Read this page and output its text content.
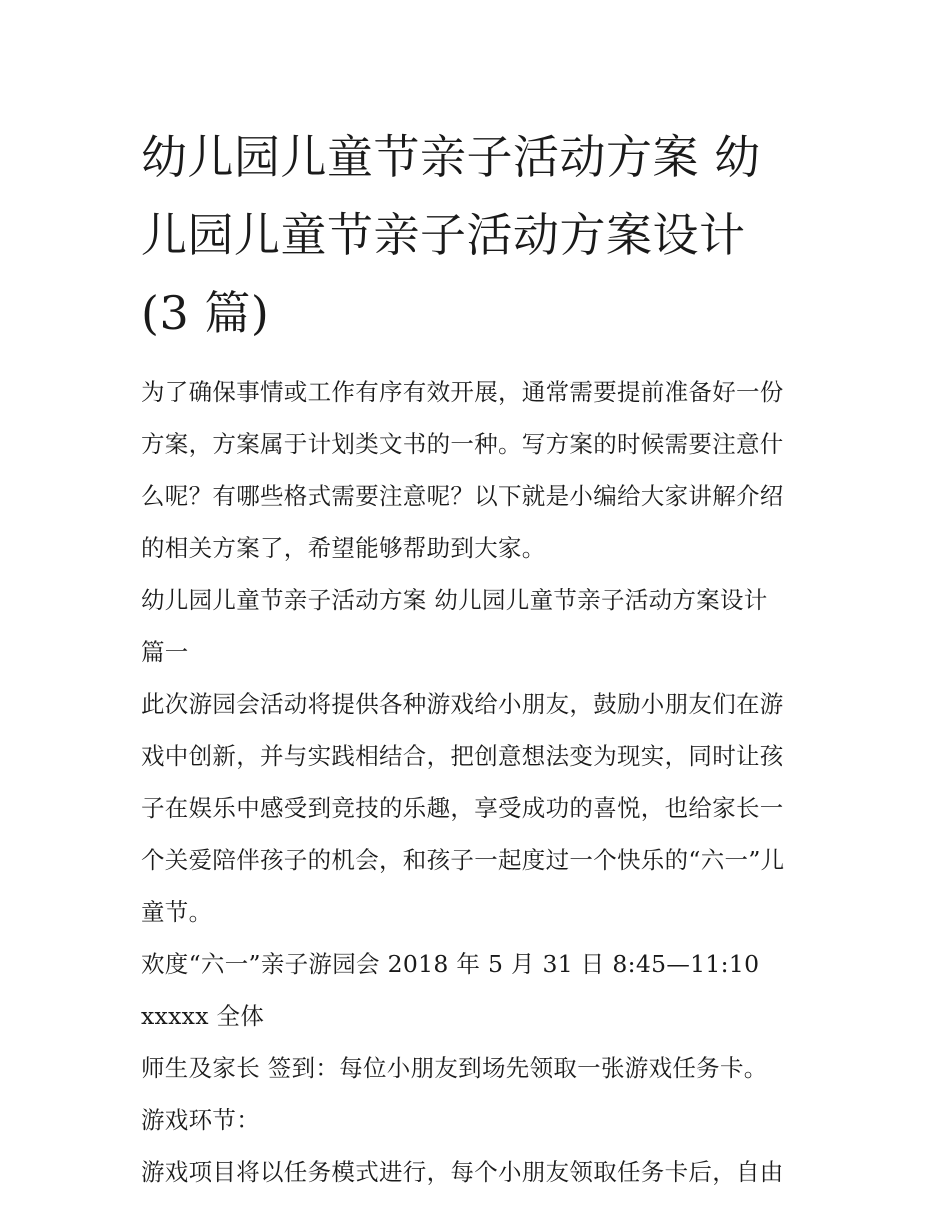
幼儿园儿童节亲子活动方案 幼
儿园儿童节亲子活动方案设计
(3 篇)

为了确保事情或工作有序有效开展，通常需要提前准备好一份
方案，方案属于计划类文书的一种。写方案的时候需要注意什
么呢？有哪些格式需要注意呢？以下就是小编给大家讲解介绍
的相关方案了，希望能够帮助到大家。

幼儿园儿童节亲子活动方案 幼儿园儿童节亲子活动方案设计
篇一

此次游园会活动将提供各种游戏给小朋友，鼓励小朋友们在游
戏中创新，并与实践相结合，把创意想法变为现实，同时让孩
子在娱乐中感受到竞技的乐趣，享受成功的喜悦，也给家长一
个关爱陪伴孩子的机会，和孩子一起度过一个快乐的“六一”儿
童节。

欢度“六一”亲子游园会 2018 年 5 月 31 日 8:45—11:10 xxxxx 全体
师生及家长 签到：每位小朋友到场先领取一张游戏任务卡。

游戏环节：

游戏项目将以任务模式进行，每个小朋友领取任务卡后，自由
